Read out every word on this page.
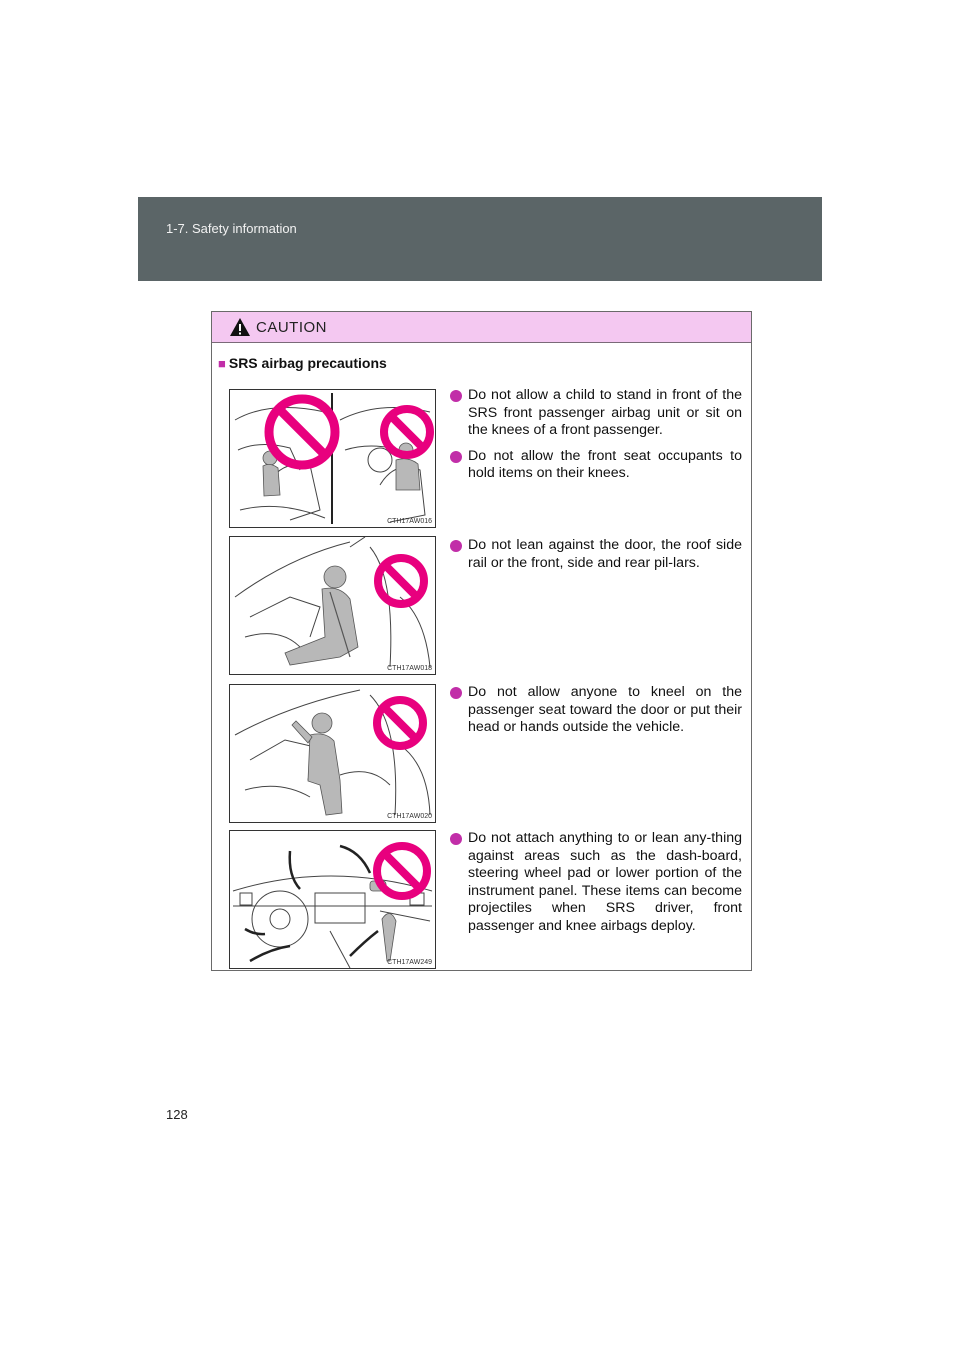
1-7. Safety information
CAUTION
■ SRS airbag precautions
CTH17AW016
CTH17AW018
CTH17AW020
CTH17AW249
Do not allow a child to stand in front of the SRS front passenger airbag unit or sit on the knees of a front passenger.
Do not allow the front seat occupants to hold items on their knees.
Do not lean against the door, the roof side rail or the front, side and rear pil-lars.
Do not allow anyone to kneel on the passenger seat toward the door or put their head or hands outside the vehicle.
Do not attach anything to or lean any-thing against areas such as the dash-board, steering wheel pad or lower portion of the instrument panel. These items can become projectiles when SRS driver, front passenger and knee airbags deploy.
128
